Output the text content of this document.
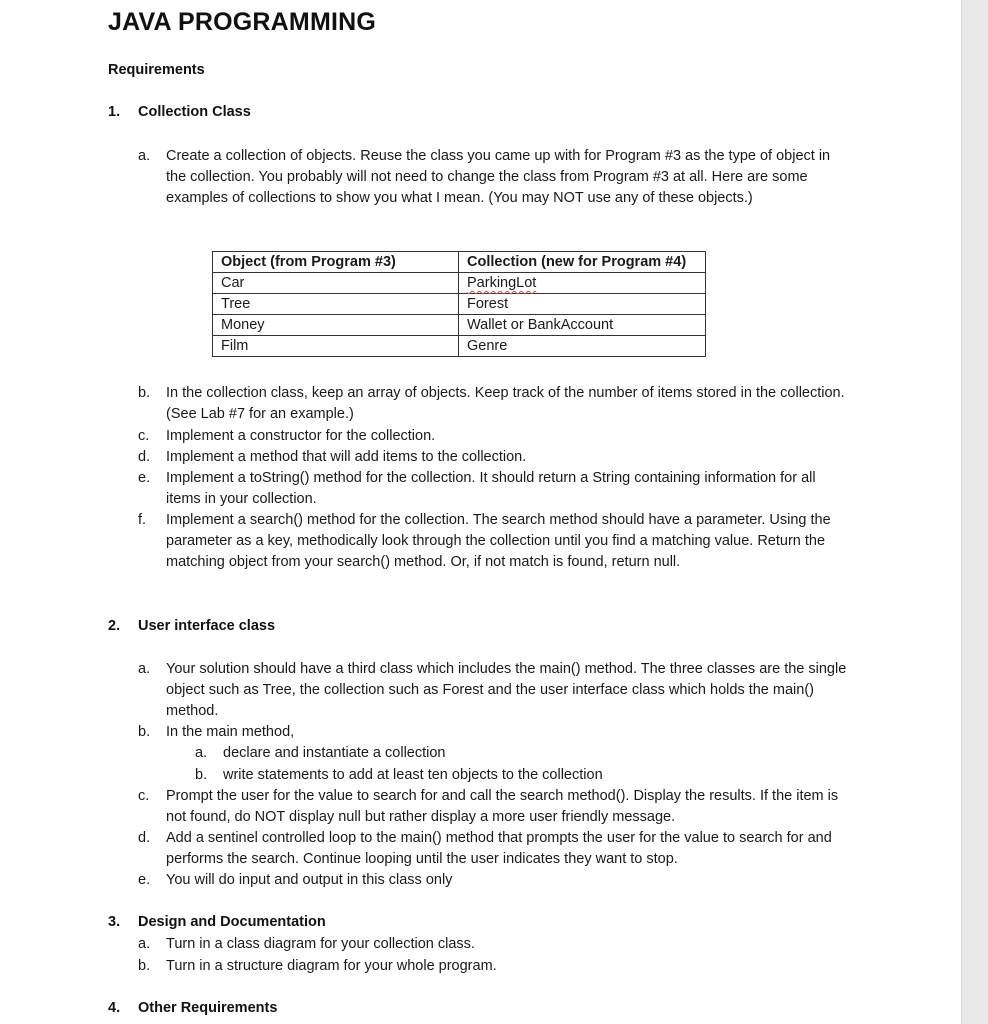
JAVA PROGRAMMING
Requirements
1. Collection Class
a. Create a collection of objects. Reuse the class you came up with for Program #3 as the type of object in the collection. You probably will not need to change the class from Program #3 at all. Here are some examples of collections to show you what I mean. (You may NOT use any of these objects.)
Object (from Program #3)	Collection (new for Program #4)
Car	ParkingLot
Tree	Forest
Money	Wallet or BankAccount
Film	Genre
b. In the collection class, keep an array of objects. Keep track of the number of items stored in the collection. (See Lab #7 for an example.)
c. Implement a constructor for the collection.
d. Implement a method that will add items to the collection.
e. Implement a toString() method for the collection. It should return a String containing information for all items in your collection.
f. Implement a search() method for the collection. The search method should have a parameter. Using the parameter as a key, methodically look through the collection until you find a matching value. Return the matching object from your search() method. Or, if not match is found, return null.
2. User interface class
a. Your solution should have a third class which includes the main() method. The three classes are the single object such as Tree, the collection such as Forest and the user interface class which holds the main() method.
b. In the main method,
a. declare and instantiate a collection
b. write statements to add at least ten objects to the collection
c. Prompt the user for the value to search for and call the search method(). Display the results. If the item is not found, do NOT display null but rather display a more user friendly message.
d. Add a sentinel controlled loop to the main() method that prompts the user for the value to search for and performs the search. Continue looping until the user indicates they want to stop.
e. You will do input and output in this class only
3. Design and Documentation
a. Turn in a class diagram for your collection class.
b. Turn in a structure diagram for your whole program.
4. Other Requirements
